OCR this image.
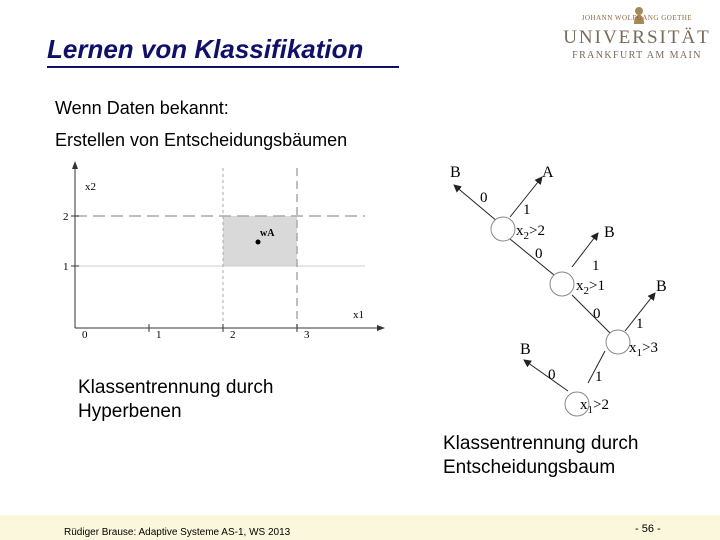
Lernen von Klassifikation
JOHANN WOLFGANG GOETHE
UNIVERSITÄT
FRANKFURT AM MAIN
Wenn Daten bekannt:
Erstellen von Entscheidungsbäumen
x2
x1
1
2
0	1	2	3
wA
Klassentrennung durch
Hyperbenen
B	A
B
B
B
0
1
0
1
0
1
0	1
$x_2>2$
$x_2>1$
$x_1>3$
$x_1>2$
Klassentrennung durch
Entscheidungsbaum
Rüdiger Brause: Adaptive Systeme AS-1, WS 2013	- 56 -
